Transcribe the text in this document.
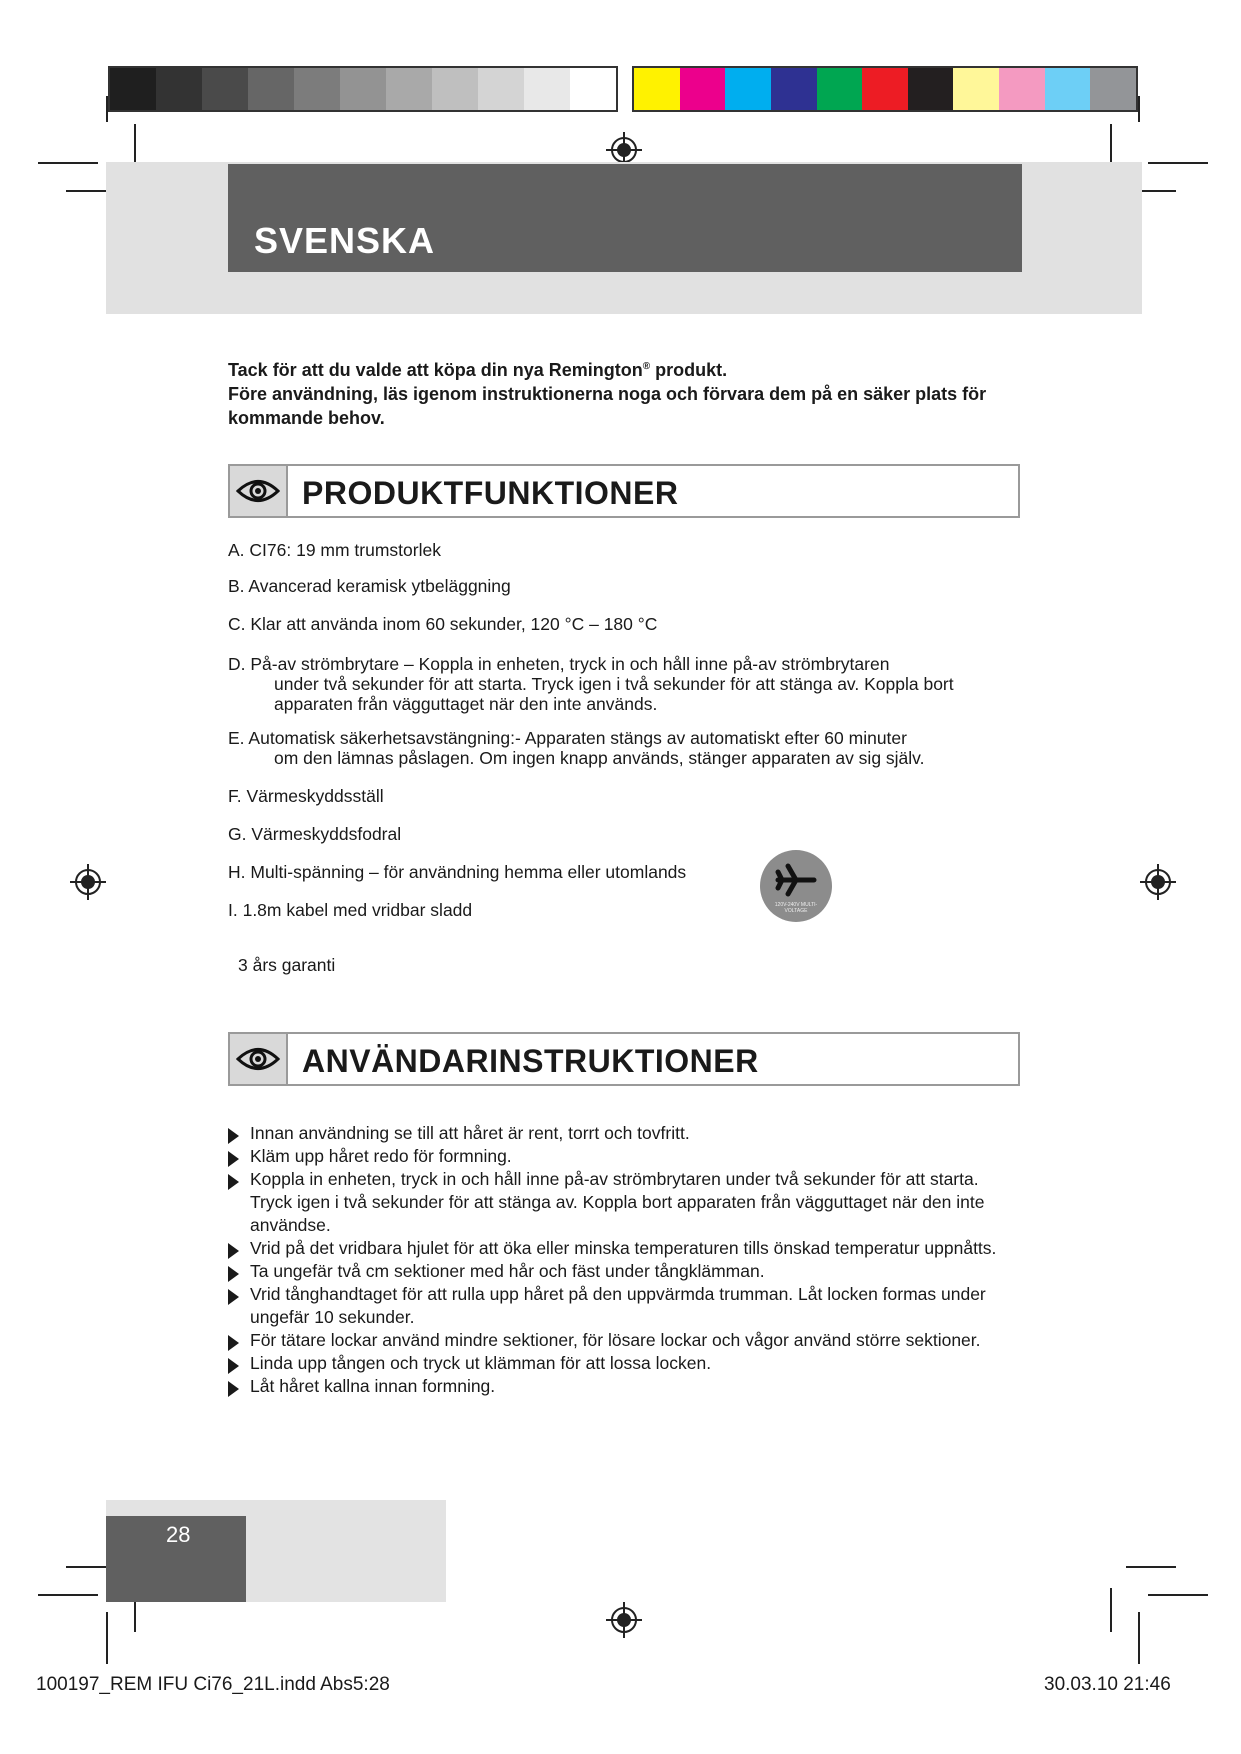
SVENSKA

Tack för att du valde att köpa din nya Remington® produkt.

Före användning, läs igenom instruktionerna noga och förvara dem på en säker plats för kommande behov.

PRODUKTFUNKTIONER
A. CI76: 19 mm trumstorlek
B. Avancerad keramisk ytbeläggning
C. Klar att använda inom 60 sekunder, 120 °C – 180 °C
D. På-av strömbrytare – Koppla in enheten, tryck in och håll inne på-av strömbrytaren
under två sekunder för att starta. Tryck igen i två sekunder för att stänga av. Koppla bort apparaten från vägguttaget när den inte används.
E. Automatisk säkerhetsavstängning:- Apparaten stängs av automatiskt efter 60 minuter
om den lämnas påslagen. Om ingen knapp används, stänger apparaten av sig själv.
F. Värmeskyddsställ
G. Värmeskyddsfodral
H. Multi-spänning – för användning hemma eller utomlands
I. 1.8m kabel med vridbar sladd
3 års garanti
120V-240V MULTI-VOLTAGE
ANVÄNDARINSTRUKTIONER
Innan användning se till att håret är rent, torrt och tovfritt.
Kläm upp håret redo för formning.
Koppla in enheten, tryck in och håll inne på-av strömbrytaren under två sekunder för att starta. Tryck igen i två sekunder för att stänga av. Koppla bort apparaten från vägguttaget när den inte användse.
Vrid på det vridbara hjulet för att öka eller minska temperaturen tills önskad temperatur uppnåtts.
Ta ungefär två cm sektioner med hår och fäst under tångklämman.
Vrid tånghandtaget för att rulla upp håret på den uppvärmda trumman. Låt locken formas under ungefär 10 sekunder.
För tätare lockar använd mindre sektioner, för lösare lockar och vågor använd större sektioner.
Linda upp tången och tryck ut klämman för att lossa locken.
Låt håret kallna innan formning.
28
100197_REM IFU Ci76_21L.indd Abs5:28	30.03.10 21:46
